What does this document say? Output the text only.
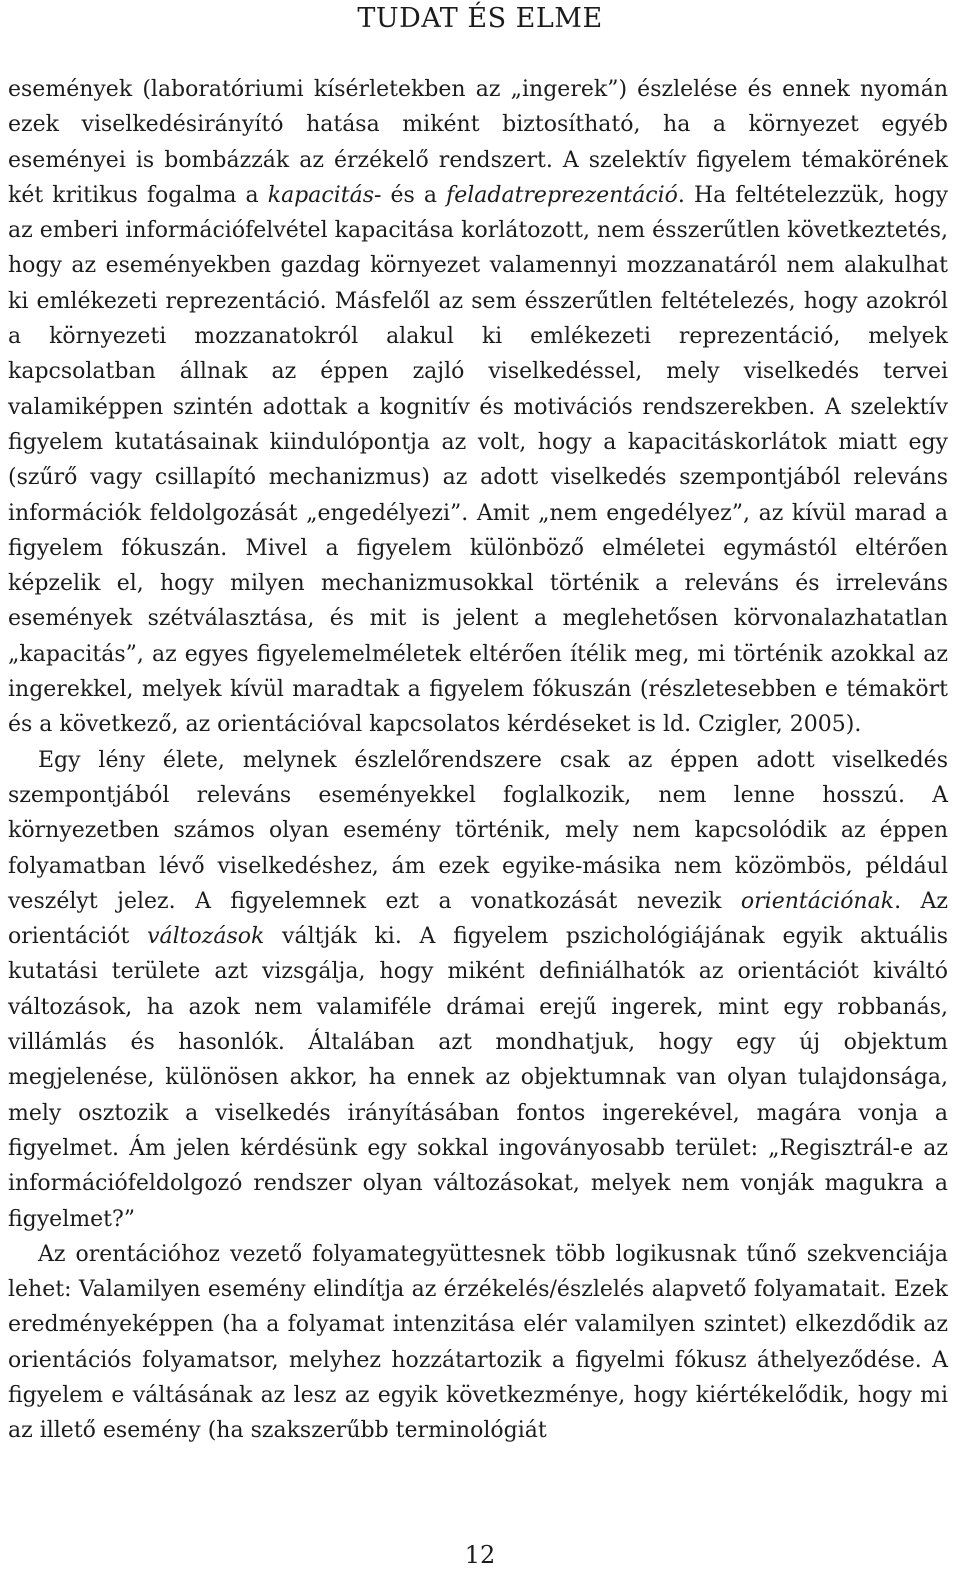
TUDAT ÉS ELME

események (laboratóriumi kísérletekben az „ingerek”) észlelése és ennek nyomán ezek viselkedésirányító hatása miként biztosítható, ha a környezet egyéb eseményei is bombázzák az érzékelő rendszert. A szelektív figyelem témakörének két kritikus fogalma a kapacitás- és a feladatreprezentáció. Ha feltételezzük, hogy az emberi információfelvétel kapacitása korlátozott, nem ésszerűtlen következtetés, hogy az eseményekben gazdag környezet valamennyi mozzanatáról nem alakulhat ki emlékezeti reprezentáció. Másfelől az sem ésszerűtlen feltételezés, hogy azokról a környezeti mozzanatokról alakul ki emlékezeti reprezentáció, melyek kapcsolatban állnak az éppen zajló viselkedéssel, mely viselkedés tervei valamiképpen szintén adottak a kognitív és motivációs rendszerekben. A szelektív figyelem kutatásainak kiindulópontja az volt, hogy a kapacitáskorlátok miatt egy (szűrő vagy csillapító mechanizmus) az adott viselkedés szempontjából releváns információk feldolgozását „engedélyezi”. Amit „nem engedélyez”, az kívül marad a figyelem fókuszán. Mivel a figyelem különböző elméletei egymástól eltérően képzelik el, hogy milyen mechanizmusokkal történik a releváns és irreleváns események szétválasztása, és mit is jelent a meglehetősen körvonalazhatatlan „kapacitás”, az egyes figyelemelméletek eltérően ítélik meg, mi történik azokkal az ingerekkel, melyek kívül maradtak a figyelem fókuszán (részletesebben e témakört és a következő, az orientációval kapcsolatos kérdéseket is ld. Czigler, 2005).

Egy lény élete, melynek észlelőrendszere csak az éppen adott viselkedés szempontjából releváns eseményekkel foglalkozik, nem lenne hosszú. A környezetben számos olyan esemény történik, mely nem kapcsolódik az éppen folyamatban lévő viselkedéshez, ám ezek egyike-másika nem közömbös, például veszélyt jelez. A figyelemnek ezt a vonatkozását nevezik orientációnak. Az orientációt változások váltják ki. A figyelem pszichológiájának egyik aktuális kutatási területe azt vizsgálja, hogy miként definiálhatók az orientációt kiváltó változások, ha azok nem valamiféle drámai erejű ingerek, mint egy robbanás, villámlás és hasonlók. Általában azt mondhatjuk, hogy egy új objektum megjelenése, különösen akkor, ha ennek az objektumnak van olyan tulajdonsága, mely osztozik a viselkedés irányításában fontos ingerekével, magára vonja a figyelmet. Ám jelen kérdésünk egy sokkal ingoványosabb terület: „Regisztrál-e az információfeldolgozó rendszer olyan változásokat, melyek nem vonják magukra a figyelmet?”

Az orentációhoz vezető folyamategyüttesnek több logikusnak tűnő szekvenciája lehet: Valamilyen esemény elindítja az érzékelés/észlelés alapvető folyamatait. Ezek eredményeképpen (ha a folyamat intenzitása elér valamilyen szintet) elkezdődik az orientációs folyamatsor, melyhez hozzátartozik a figyelmi fókusz áthelyeződése. A figyelem e váltásának az lesz az egyik következménye, hogy kiértékelődik, hogy mi az illető esemény (ha szakszerűbb terminológiát

12
